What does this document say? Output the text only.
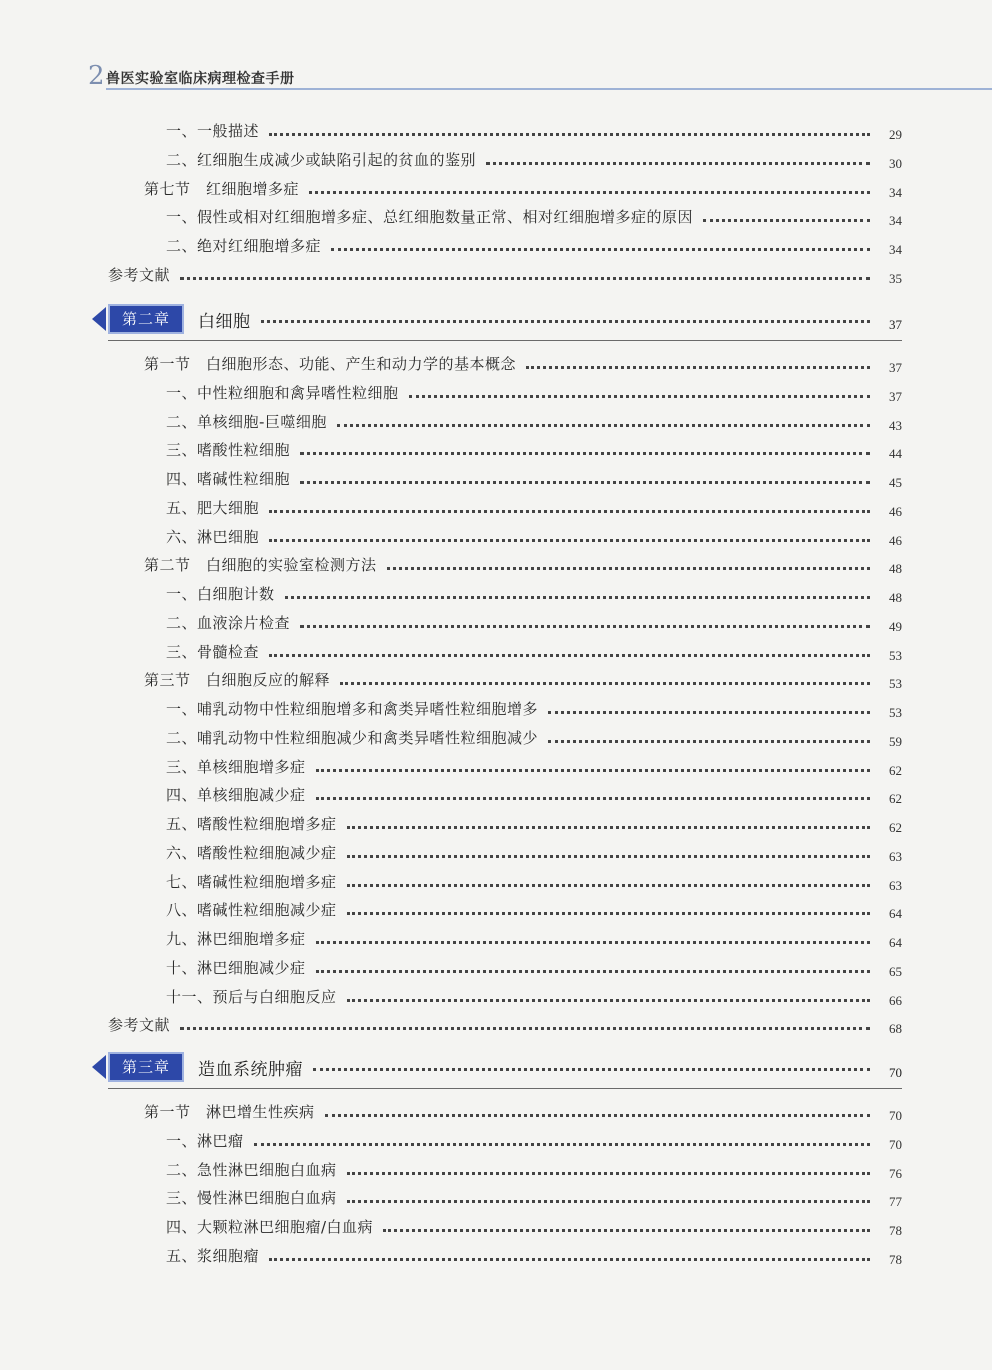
2 兽医实验室临床病理检查手册
一、一般描述	29
二、红细胞生成减少或缺陷引起的贫血的鉴别	30
第七节　红细胞增多症	34
一、假性或相对红细胞增多症、总红细胞数量正常、相对红细胞增多症的原因	34
二、绝对红细胞增多症	34
参考文献	35
第二章	白细胞	37
第一节　白细胞形态、功能、产生和动力学的基本概念	37
一、中性粒细胞和禽异嗜性粒细胞	37
二、单核细胞-巨噬细胞	43
三、嗜酸性粒细胞	44
四、嗜碱性粒细胞	45
五、肥大细胞	46
六、淋巴细胞	46
第二节　白细胞的实验室检测方法	48
一、白细胞计数	48
二、血液涂片检查	49
三、骨髓检查	53
第三节　白细胞反应的解释	53
一、哺乳动物中性粒细胞增多和禽类异嗜性粒细胞增多	53
二、哺乳动物中性粒细胞减少和禽类异嗜性粒细胞减少	59
三、单核细胞增多症	62
四、单核细胞减少症	62
五、嗜酸性粒细胞增多症	62
六、嗜酸性粒细胞减少症	63
七、嗜碱性粒细胞增多症	63
八、嗜碱性粒细胞减少症	64
九、淋巴细胞增多症	64
十、淋巴细胞减少症	65
十一、预后与白细胞反应	66
参考文献	68
第三章	造血系统肿瘤	70
第一节　淋巴增生性疾病	70
一、淋巴瘤	70
二、急性淋巴细胞白血病	76
三、慢性淋巴细胞白血病	77
四、大颗粒淋巴细胞瘤/白血病	78
五、浆细胞瘤	78
